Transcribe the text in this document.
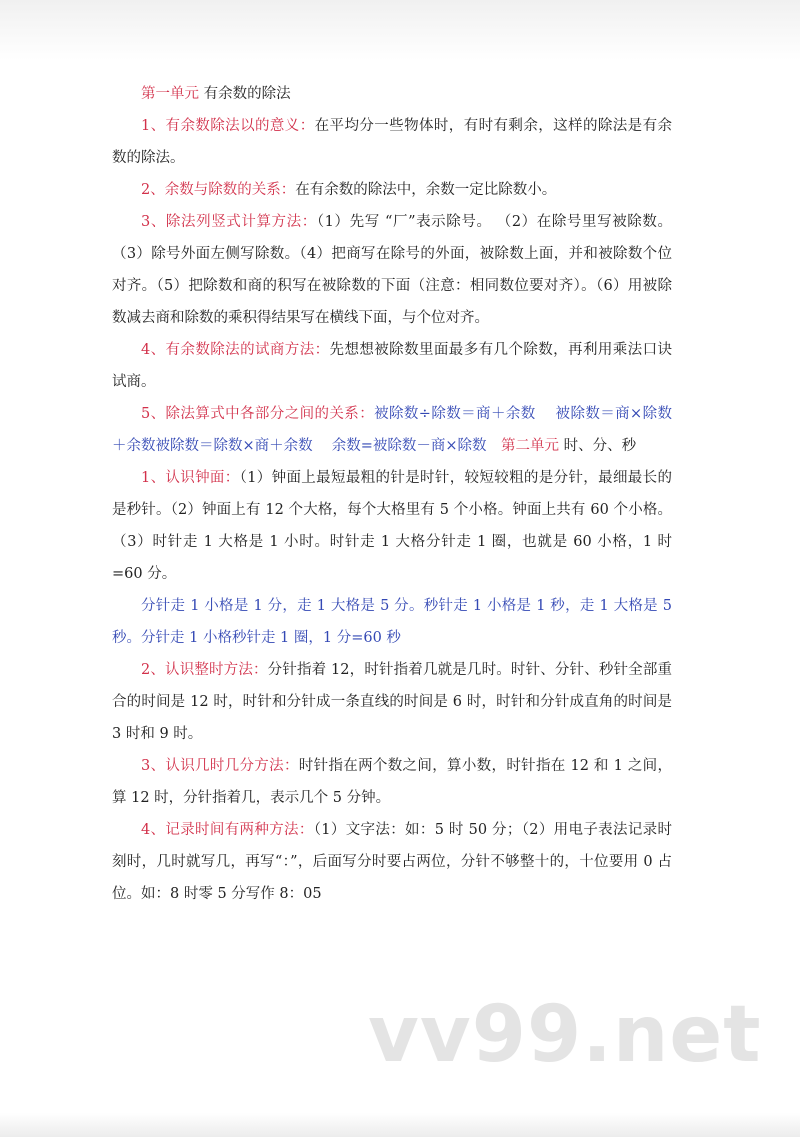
第一单元 有余数的除法

1、有余数除法以的意义：在平均分一些物体时，有时有剩余，这样的除法是有余数的除法。

2、余数与除数的关系：在有余数的除法中，余数一定比除数小。

3、除法列竖式计算方法：（1）先写 “厂”表示除号。 （2）在除号里写被除数。（3）除号外面左侧写除数。（4）把商写在除号的外面，被除数上面，并和被除数个位对齐。（5）把除数和商的积写在被除数的下面（注意：相同数位要对齐）。（6）用被除数减去商和除数的乘积得结果写在横线下面，与个位对齐。

4、有余数除法的试商方法：先想想被除数里面最多有几个除数，再利用乘法口诀试商。

5、除法算式中各部分之间的关系：被除数÷除数＝商＋余数　 被除数＝商×除数＋余数被除数＝除数×商＋余数　 余数=被除数－商×除数　第二单元 时、分、秒

1、认识钟面：（1）钟面上最短最粗的针是时针，较短较粗的是分针，最细最长的是秒针。（2）钟面上有 12 个大格，每个大格里有 5 个小格。钟面上共有 60 个小格。（3）时针走 1 大格是 1 小时。时针走 1 大格分针走 1 圈，也就是 60 小格，1 时=60 分。

分针走 1 小格是 1 分，走 1 大格是 5 分。秒针走 1 小格是 1 秒，走 1 大格是 5 秒。分针走 1 小格秒针走 1 圈，1 分=60 秒

2、认识整时方法：分针指着 12，时针指着几就是几时。时针、分针、秒针全部重合的时间是 12 时，时针和分针成一条直线的时间是 6 时，时针和分针成直角的时间是 3 时和 9 时。

3、认识几时几分方法：时针指在两个数之间，算小数，时针指在 12 和 1 之间，算 12 时，分针指着几，表示几个 5 分钟。

4、记录时间有两种方法：（1）文字法：如：5 时 50 分；（2）用电子表法记录时刻时，几时就写几，再写“：”，后面写分时要占两位，分针不够整十的，十位要用 0 占位。如：8 时零 5 分写作 8：05

vv99.net
